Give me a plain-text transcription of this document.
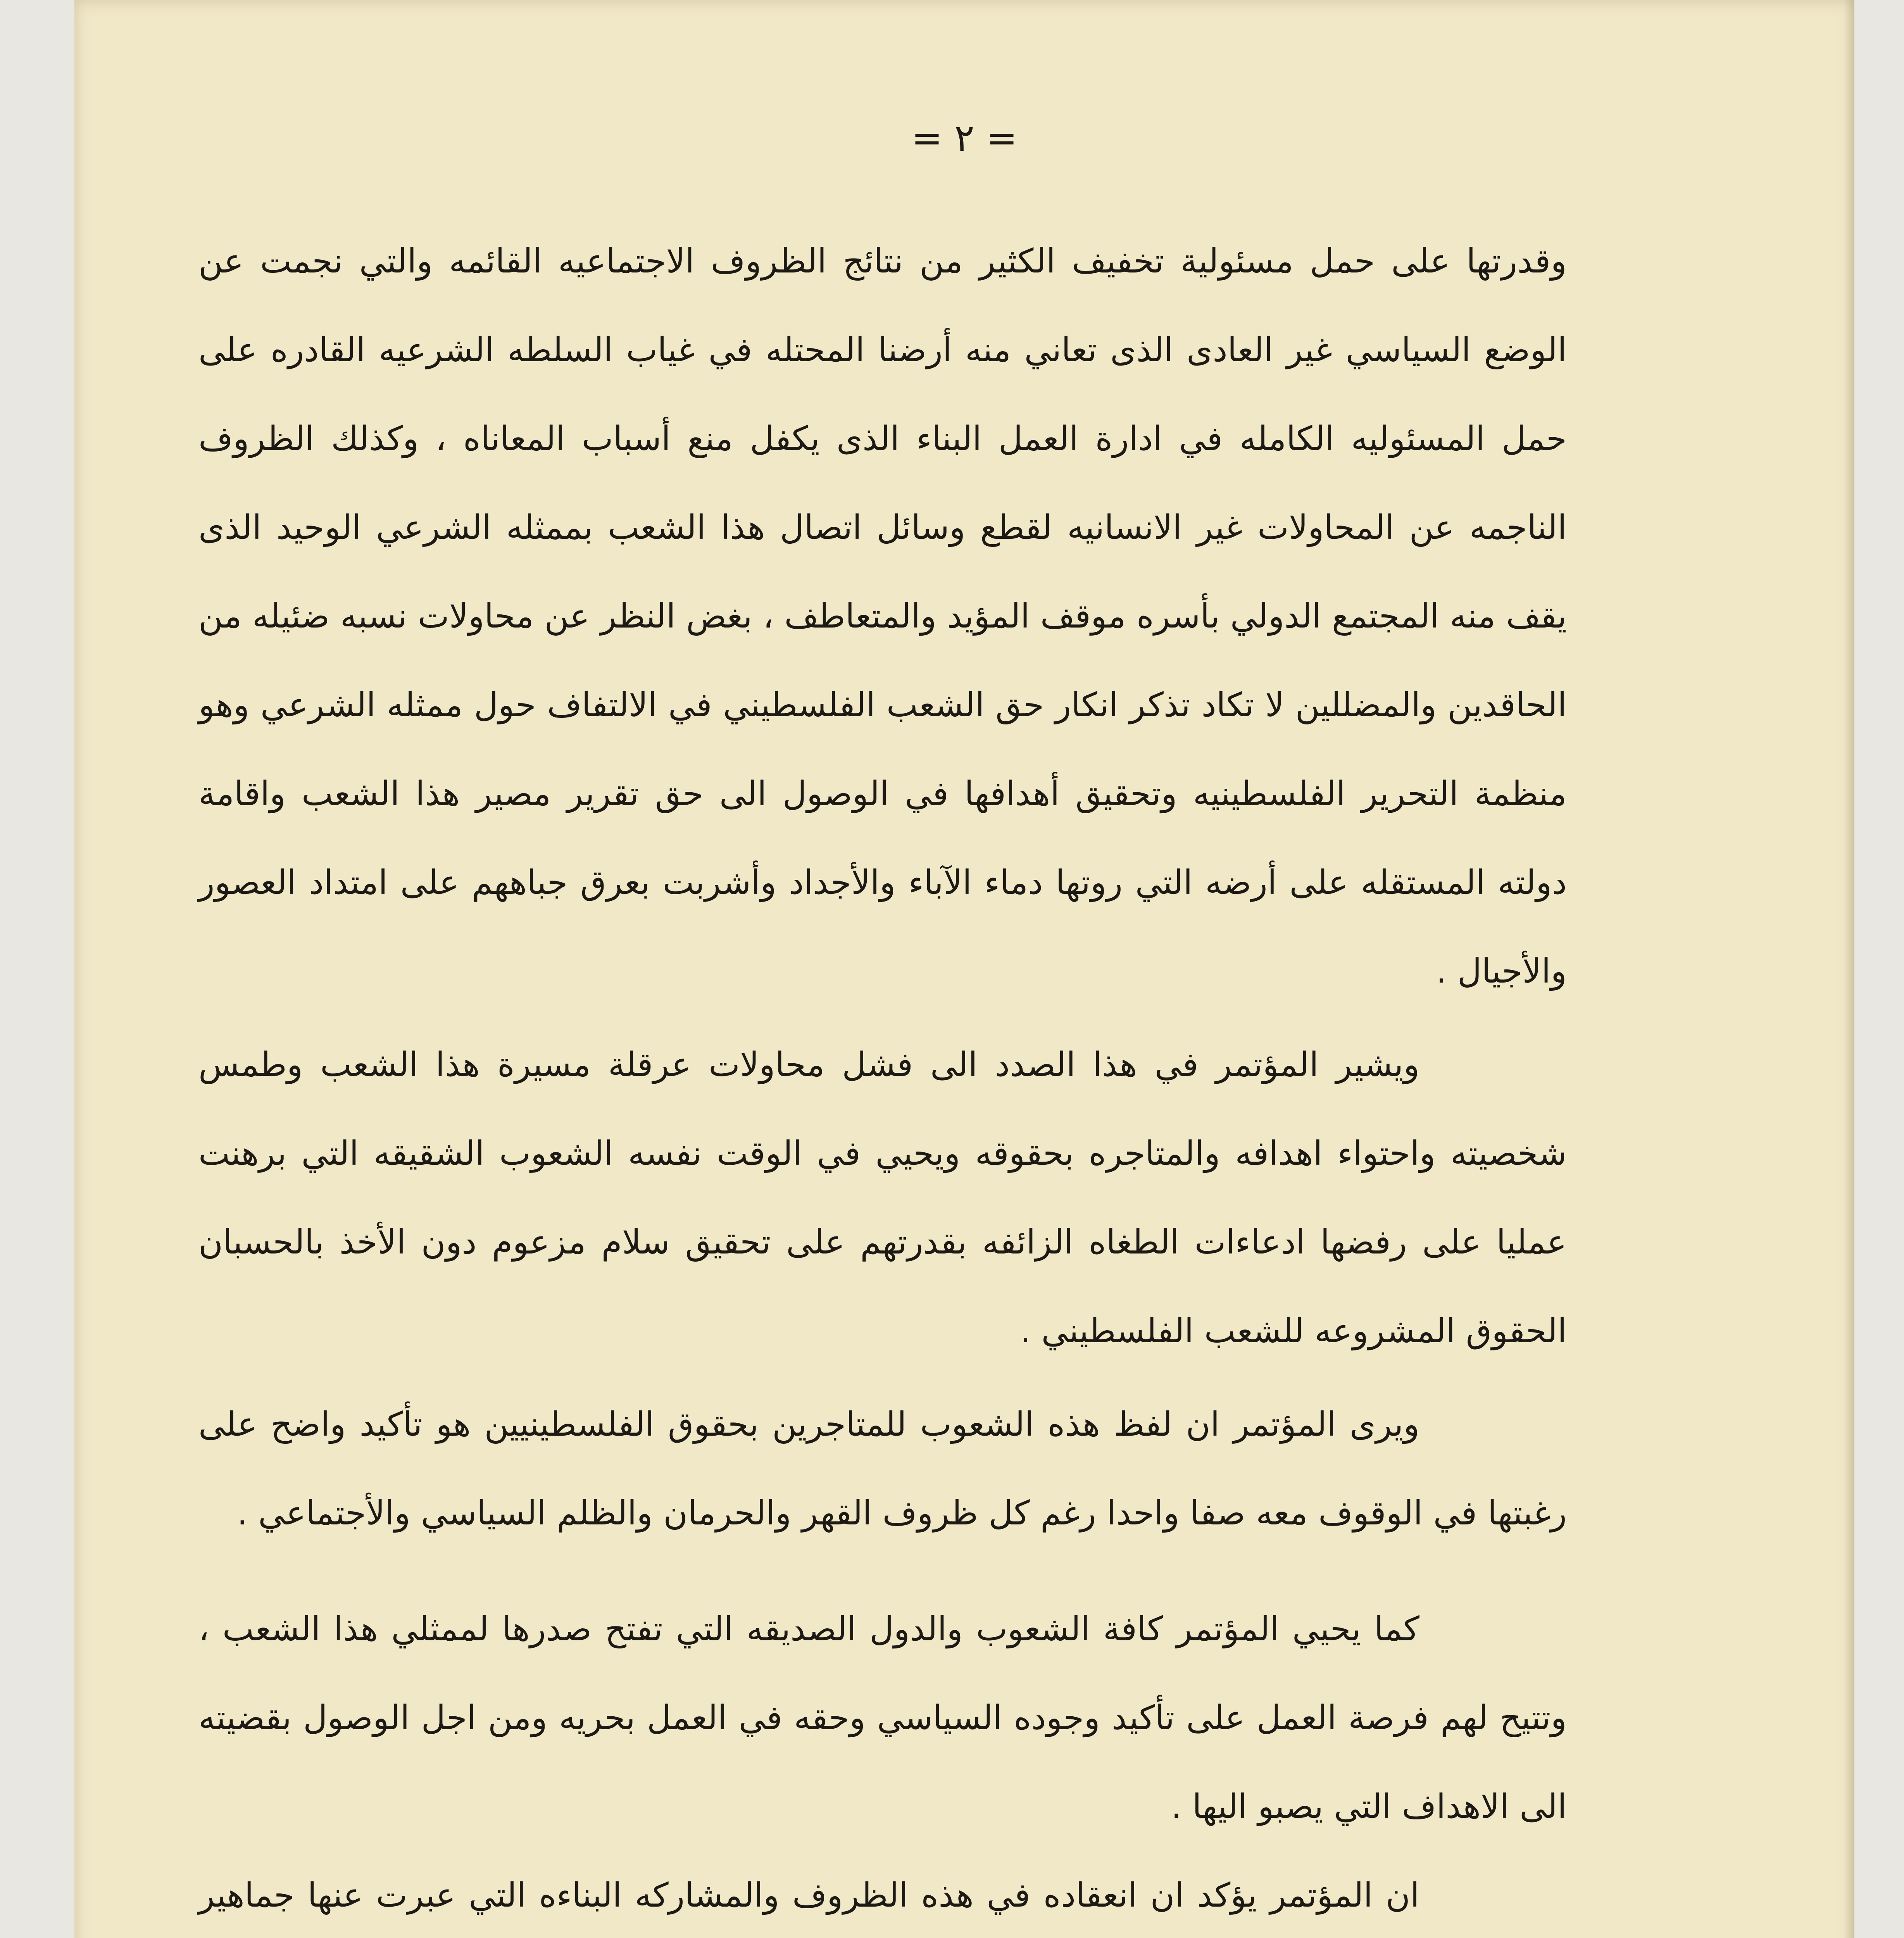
= ٢ =

وقدرتها على حمل مسئولية تخفيف الكثير من نتائج الظروف الاجتماعيه القائمه والتي نجمت عن الوضع السياسي غير العادى الذى تعاني منه أرضنا المحتله في غياب السلطه الشرعيه القادره على حمل المسئوليه الكامله في ادارة العمل البناء الذى يكفل منع أسباب المعاناه ، وكذلك الظروف الناجمه عن المحاولات غير الانسانيه لقطع وسائل اتصال هذا الشعب بممثله الشرعي الوحيد الذى يقف منه المجتمع الدولي بأسره موقف المؤيد والمتعاطف ، بغض النظر عن محاولات نسبه ضئيله من الحاقدين والمضللين لا تكاد تذكر انكار حق الشعب الفلسطيني في الالتفاف حول ممثله الشرعي وهو منظمة التحرير الفلسطينيه وتحقيق أهدافها في الوصول الى حق تقرير مصير هذا الشعب واقامة دولته المستقله على أرضه التي روتها دماء الآباء والأجداد وأشربت بعرق جباههم على امتداد العصور والأجيال .

ويشير المؤتمر في هذا الصدد الى فشل محاولات عرقلة مسيرة هذا الشعب وطمس شخصيته واحتواء اهدافه والمتاجره بحقوقه ويحيي في الوقت نفسه الشعوب الشقيقه التي برهنت عمليا على رفضها ادعاءات الطغاه الزائفه بقدرتهم على تحقيق سلام مزعوم دون الأخذ بالحسبان الحقوق المشروعه للشعب الفلسطيني .

ويرى المؤتمر ان لفظ هذه الشعوب للمتاجرين بحقوق الفلسطينيين هو تأكيد واضح على رغبتها في الوقوف معه صفا واحدا رغم كل ظروف القهر والحرمان والظلم السياسي والأجتماعي .

كما يحيي المؤتمر كافة الشعوب والدول الصديقه التي تفتح صدرها لممثلي هذا الشعب ، وتتيح لهم فرصة العمل على تأكيد وجوده السياسي وحقه في العمل بحريه ومن اجل الوصول بقضيته الى الاهداف التي يصبو اليها .

ان المؤتمر يؤكد ان انعقاده في هذه الظروف والمشاركه البناءه التي عبرت عنها جماهير
